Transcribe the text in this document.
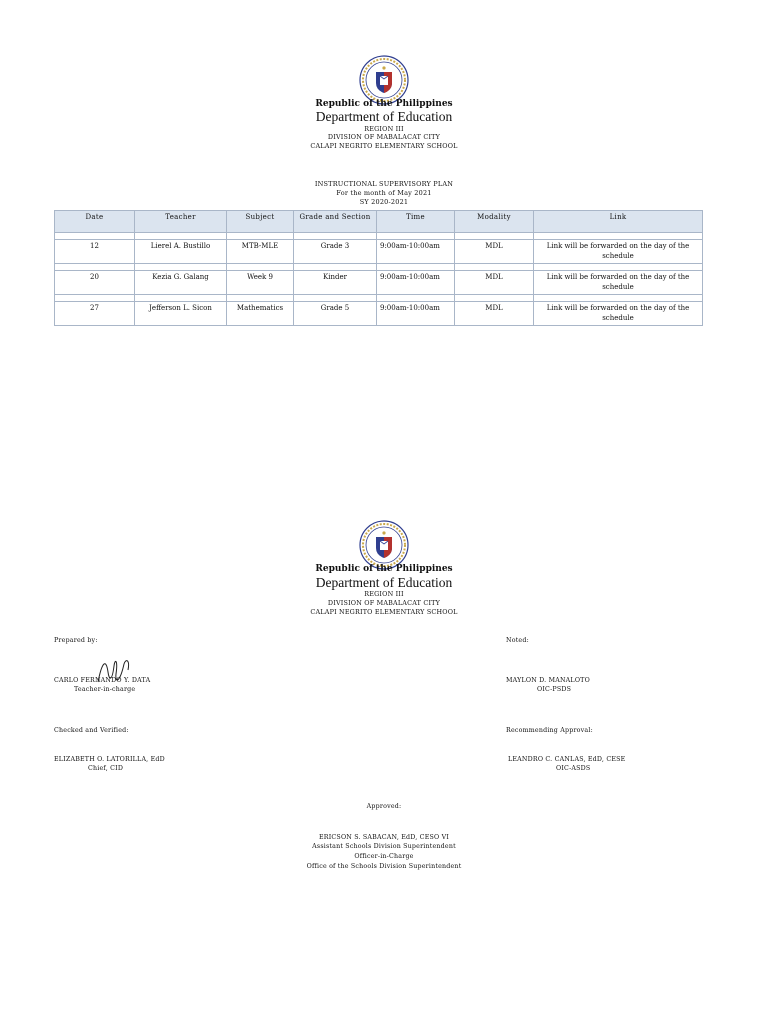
Republic of the Philippines
Department of Education
REGION III
DIVISION OF MABALACAT CITY
CALAPI NEGRITO ELEMENTARY SCHOOL
INSTRUCTIONAL SUPERVISORY PLAN
For the month of May 2021
SY 2020-2021
Date	Teacher	Subject	Grade and Section	Time	Modality	Link

12	Lierel A. Bustillo	MTB-MLE	Grade 3	9:00am-10:00am	MDL	Link will be forwarded on the day of the schedule

20	Kezia G. Galang	Week 9	Kinder	9:00am-10:00am	MDL	Link will be forwarded on the day of the schedule

27	Jefferson L. Sicon	Mathematics	Grade 5	9:00am-10:00am	MDL	Link will be forwarded on the day of the schedule
Republic of the Philippines
Department of Education
REGION III
DIVISION OF MABALACAT CITY
CALAPI NEGRITO ELEMENTARY SCHOOL
Prepared by:	Noted:
CARLO FERNANDO Y. DATA
Teacher-in-charge
MAYLON D. MANALOTO
OIC-PSDS
Checked and Verified:	Recommending Approval:
ELIZABETH O. LATORILLA, EdD
Chief, CID
LEANDRO C. CANLAS, EdD, CESE
OIC-ASDS
Approved:
ERICSON S. SABACAN, EdD, CESO VI
Assistant Schools Division Superintendent
Officer-in-Charge
Office of the Schools Division Superintendent
